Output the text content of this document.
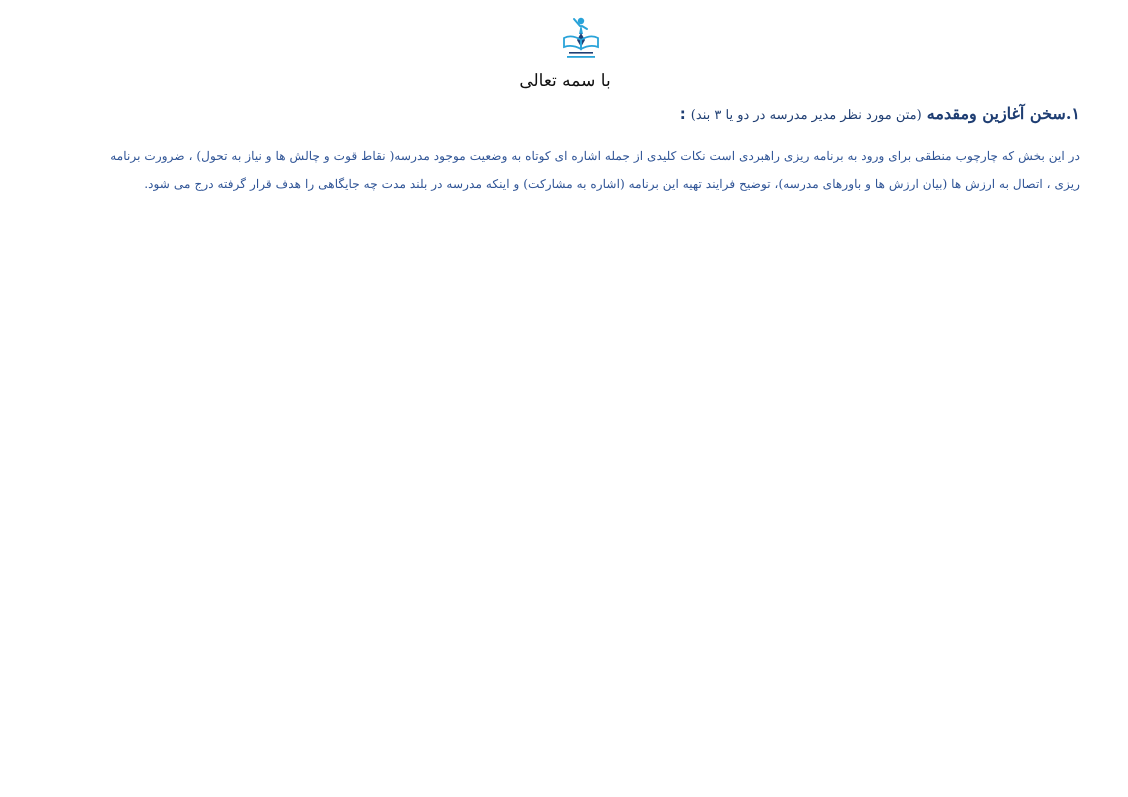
با سمه تعالی
۱.سخن آغازین ومقدمه (متن مورد نظر مدیر مدرسه در دو یا ۳ بند) :
در این بخش که چارچوب منطقی برای ورود به برنامه ریزی راهبردی است نکات کلیدی از جمله اشاره ای کوتاه به وضعیت موجود مدرسه( نقاط قوت و چالش ها و نیاز به تحول) ، ضرورت برنامه
ریزی ، اتصال به ارزش ها (بیان ارزش ها و باورهای مدرسه)، توضیح فرایند تهیه این برنامه (اشاره به مشارکت) و اینکه مدرسه در بلند مدت چه جایگاهی را هدف قرار گرفته درج می شود.
